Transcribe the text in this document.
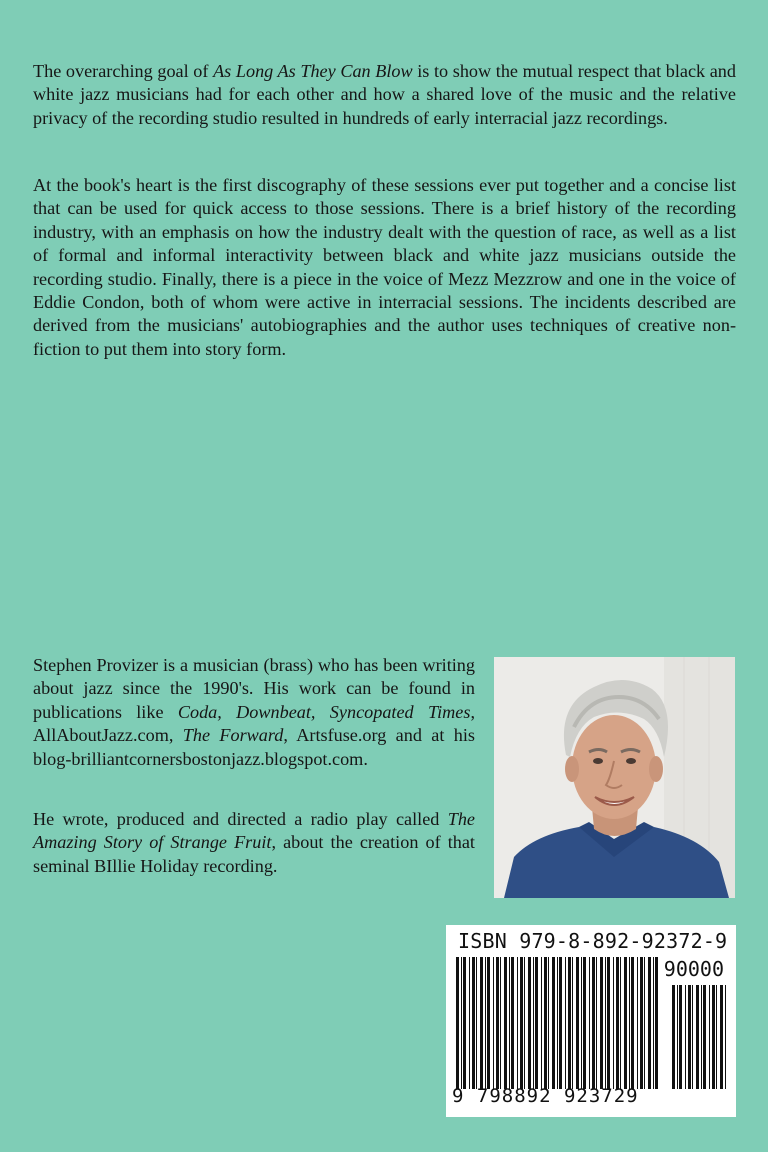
The overarching goal of As Long As They Can Blow is to show the mutual respect that black and white jazz musicians had for each other and how a shared love of the music and the relative privacy of the recording studio resulted in hundreds of early interracial jazz recordings.

At the book's heart is the first discography of these sessions ever put together and a concise list that can be used for quick access to those sessions. There is a brief history of the recording industry, with an emphasis on how the industry dealt with the question of race, as well as a list of formal and informal interactivity between black and white jazz musicians outside the recording studio. Finally, there is a piece in the voice of Mezz Mezzrow and one in the voice of Eddie Condon, both of whom were active in interracial sessions. The incidents described are derived from the musicians' autobiographies and the author uses techniques of creative non-fiction to put them into story form.

Stephen Provizer is a musician (brass) who has been writing about jazz since the 1990's. His work can be found in publications like Coda, Downbeat, Syncopated Times, AllAboutJazz.com, The Forward, Artsfuse.org and at his blog-brilliantcornersbostonjazz.blogspot.com.

He wrote, produced and directed a radio play called The Amazing Story of Strange Fruit, about the creation of that seminal BIllie Holiday recording.

ISBN 979-8-892-92372-9
90000
9 798892 923729
